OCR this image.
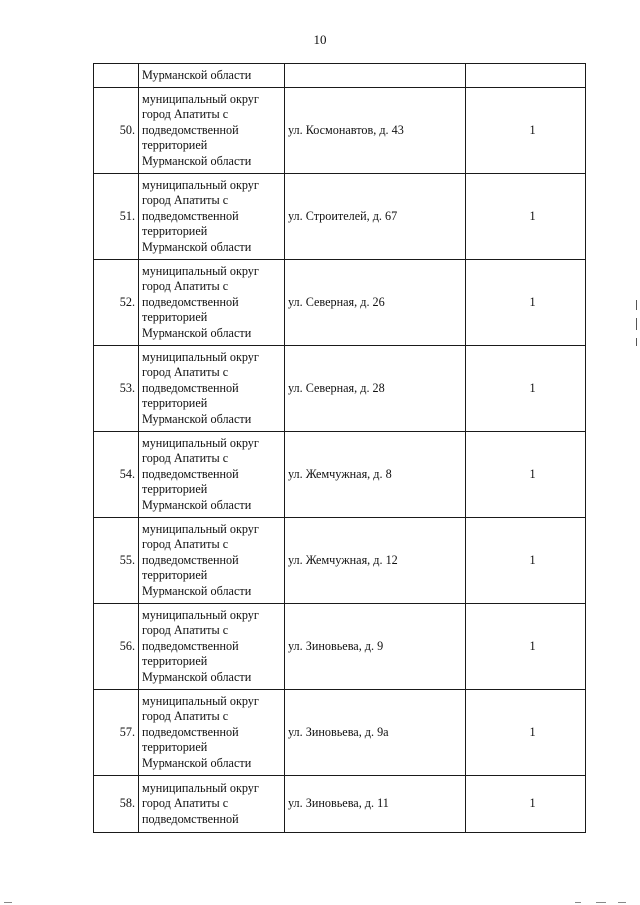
10

	Мурманской области		

50.	муниципальный округ
город Апатиты с
подведомственной
территорией
Мурманской области	ул. Космонавтов, д. 43	1
51.	муниципальный округ
город Апатиты с
подведомственной
территорией
Мурманской области	ул. Строителей, д. 67	1
52.	муниципальный округ
город Апатиты с
подведомственной
территорией
Мурманской области	ул. Северная, д. 26	1
53.	муниципальный округ
город Апатиты с
подведомственной
территорией
Мурманской области	ул. Северная, д. 28	1
54.	муниципальный округ
город Апатиты с
подведомственной
территорией
Мурманской области	ул. Жемчужная, д. 8	1
55.	муниципальный округ
город Апатиты с
подведомственной
территорией
Мурманской области	ул. Жемчужная, д. 12	1
56.	муниципальный округ
город Апатиты с
подведомственной
территорией
Мурманской области	ул. Зиновьева, д. 9	1
57.	муниципальный округ
город Апатиты с
подведомственной
территорией
Мурманской области	ул. Зиновьева, д. 9а	1
58.	муниципальный округ
город Апатиты с
подведомственной	ул. Зиновьева, д. 11	1
